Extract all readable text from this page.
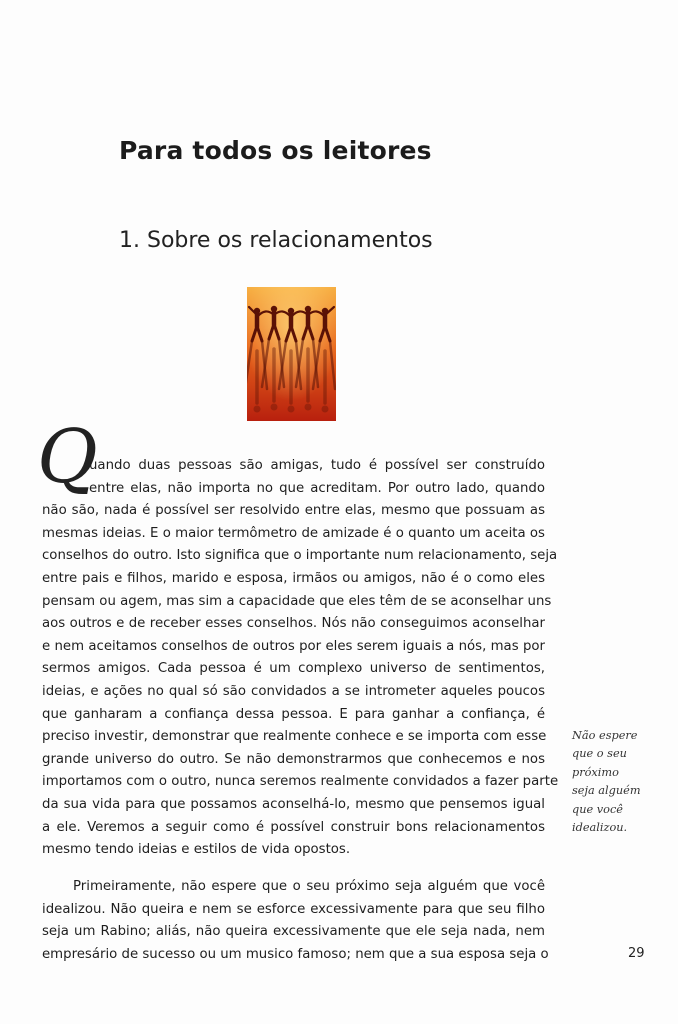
Para todos os leitores
1. Sobre os relacionamentos
Q
uando duas pessoas são amigas, tudo é possível ser construído
entre elas, não importa no que acreditam. Por outro lado, quando
não são, nada é possível ser resolvido entre elas, mesmo que possuam as
mesmas ideias. E o maior termômetro de amizade é o quanto um aceita os
conselhos do outro. Isto significa que o importante num relacionamento, seja
entre pais e filhos, marido e esposa, irmãos ou amigos, não é o como eles
pensam ou agem, mas sim a capacidade que eles têm de se aconselhar uns
aos outros e de receber esses conselhos. Nós não conseguimos aconselhar
e nem aceitamos conselhos de outros por eles serem iguais a nós, mas por
sermos amigos. Cada pessoa é um complexo universo de sentimentos,
ideias, e ações no qual só são convidados a se intrometer aqueles poucos
que ganharam a confiança dessa pessoa. E para ganhar a confiança, é
preciso investir, demonstrar que realmente conhece e se importa com esse
grande universo do outro. Se não demonstrarmos que conhecemos e nos
importamos com o outro, nunca seremos realmente convidados a fazer parte
da sua vida para que possamos aconselhá-lo, mesmo que pensemos igual
a ele. Veremos a seguir como é possível construir bons relacionamentos
mesmo tendo ideias e estilos de vida opostos.
Primeiramente, não espere que o seu próximo seja alguém que você
idealizou. Não queira e nem se esforce excessivamente para que seu filho
seja um Rabino; aliás, não queira excessivamente que ele seja nada, nem
empresário de sucesso ou um musico famoso; nem que a sua esposa seja o
Não espere
que o seu
próximo
seja alguém
que você
idealizou.
29
